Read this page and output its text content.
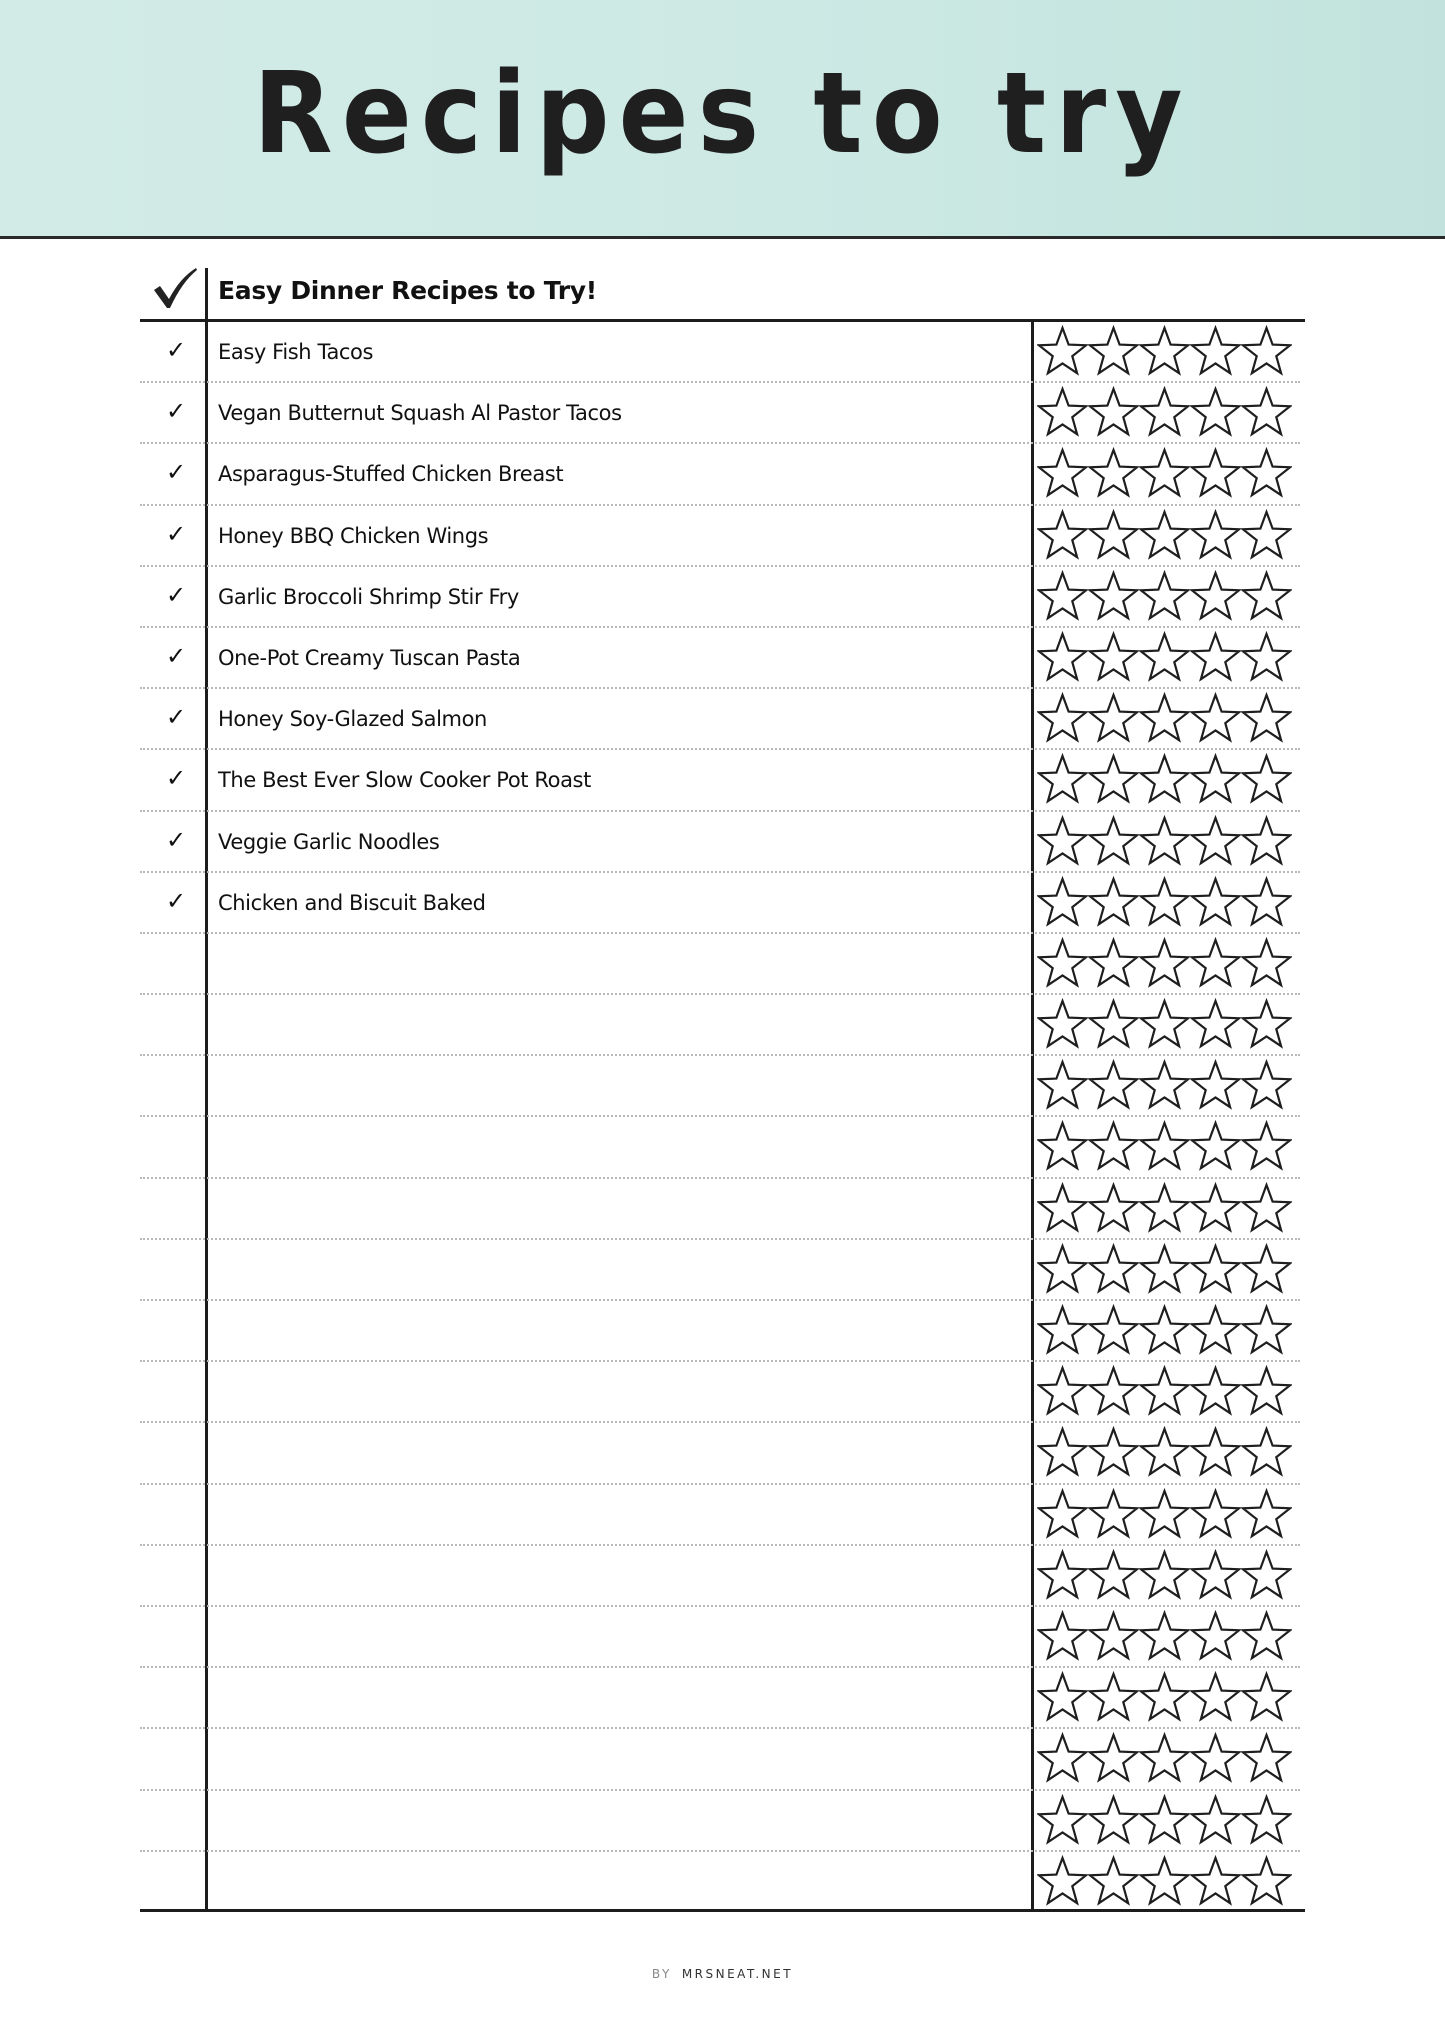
Recipes to try
Easy Dinner Recipes to Try!
✓ Easy Fish Tacos
✓ Vegan Butternut Squash Al Pastor Tacos
✓ Asparagus-Stuffed Chicken Breast
✓ Honey BBQ Chicken Wings
✓ Garlic Broccoli Shrimp Stir Fry
✓ One-Pot Creamy Tuscan Pasta
✓ Honey Soy-Glazed Salmon
✓ The Best Ever Slow Cooker Pot Roast
✓ Veggie Garlic Noodles
✓ Chicken and Biscuit Baked
BY MRSNEAT.NET
